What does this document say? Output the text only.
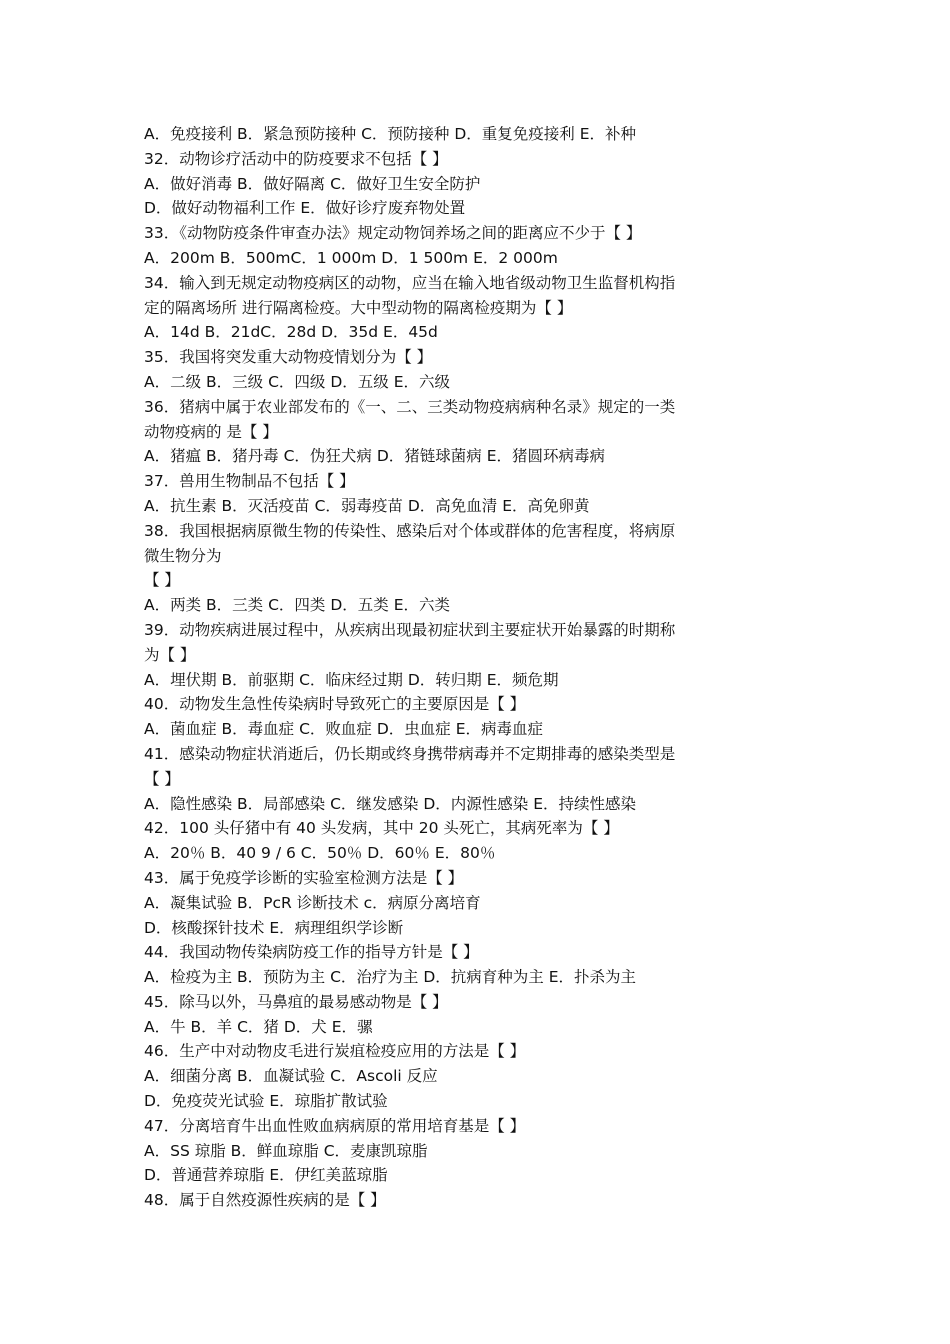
A．免疫接利 B．紧急预防接种 C．预防接种 D．重复免疫接利 E．补种
32．动物诊疗活动中的防疫要求不包括【 】
A．做好消毒 B．做好隔离 C．做好卫生安全防护
D．做好动物福利工作 E．做好诊疗废弃物处置
33．《动物防疫条件审查办法》规定动物饲养场之间的距离应不少于【 】
A．200m B．500mC．1 000m D．1 500m E．2 000m
34．输入到无规定动物疫病区的动物，应当在输入地省级动物卫生监督机构指
定的隔离场所 进行隔离检疫。大中型动物的隔离检疫期为【 】
A．14d B．21dC．28d D．35d E．45d
35．我国将突发重大动物疫情划分为【 】
A．二级 B．三级 C．四级 D．五级 E．六级
36．猪病中属于农业部发布的《一、二、三类动物疫病病种名录》规定的一类
动物疫病的 是【 】
A．猪瘟 B．猪丹毒 C．伪狂犬病 D．猪链球菌病 E．猪圆环病毒病
37．兽用生物制品不包括【 】
A．抗生素 B．灭活疫苗 C．弱毒疫苗 D．高免血清 E．高免卵黄
38．我国根据病原微生物的传染性、感染后对个体或群体的危害程度，将病原
微生物分为
【 】
A．两类 B．三类 C．四类 D．五类 E．六类
39．动物疾病进展过程中，从疾病出现最初症状到主要症状开始暴露的时期称
为【 】
A．埋伏期 B．前驱期 C．临床经过期 D．转归期 E．频危期
40．动物发生急性传染病时导致死亡的主要原因是【 】
A．菌血症 B．毒血症 C．败血症 D．虫血症 E．病毒血症
41．感染动物症状消逝后，仍长期或终身携带病毒并不定期排毒的感染类型是
【 】
A．隐性感染 B．局部感染 C．继发感染 D．内源性感染 E．持续性感染
42．100 头仔猪中有 40 头发病，其中 20 头死亡，其病死率为【 】
A．20％ B．40 9 / 6 C．50％ D．60％ E．80％
43．属于免疫学诊断的实验室检测方法是【 】
A．凝集试验 B．PcR 诊断技术 c．病原分离培育
D．核酸探针技术 E．病理组织学诊断
44．我国动物传染病防疫工作的指导方针是【 】
A．检疫为主 B．预防为主 C．治疗为主 D．抗病育种为主 E．扑杀为主
45．除马以外，马鼻疽的最易感动物是【 】
A．牛 B．羊 C．猪 D．犬 E．骡
46．生产中对动物皮毛进行炭疽检疫应用的方法是【 】
A．细菌分离 B．血凝试验 C．Ascoli 反应
D．免疫荧光试验 E．琼脂扩散试验
47．分离培育牛出血性败血病病原的常用培育基是【 】
A．SS 琼脂 B．鲜血琼脂 C．麦康凯琼脂
D．普通营养琼脂 E．伊红美蓝琼脂
48．属于自然疫源性疾病的是【 】
